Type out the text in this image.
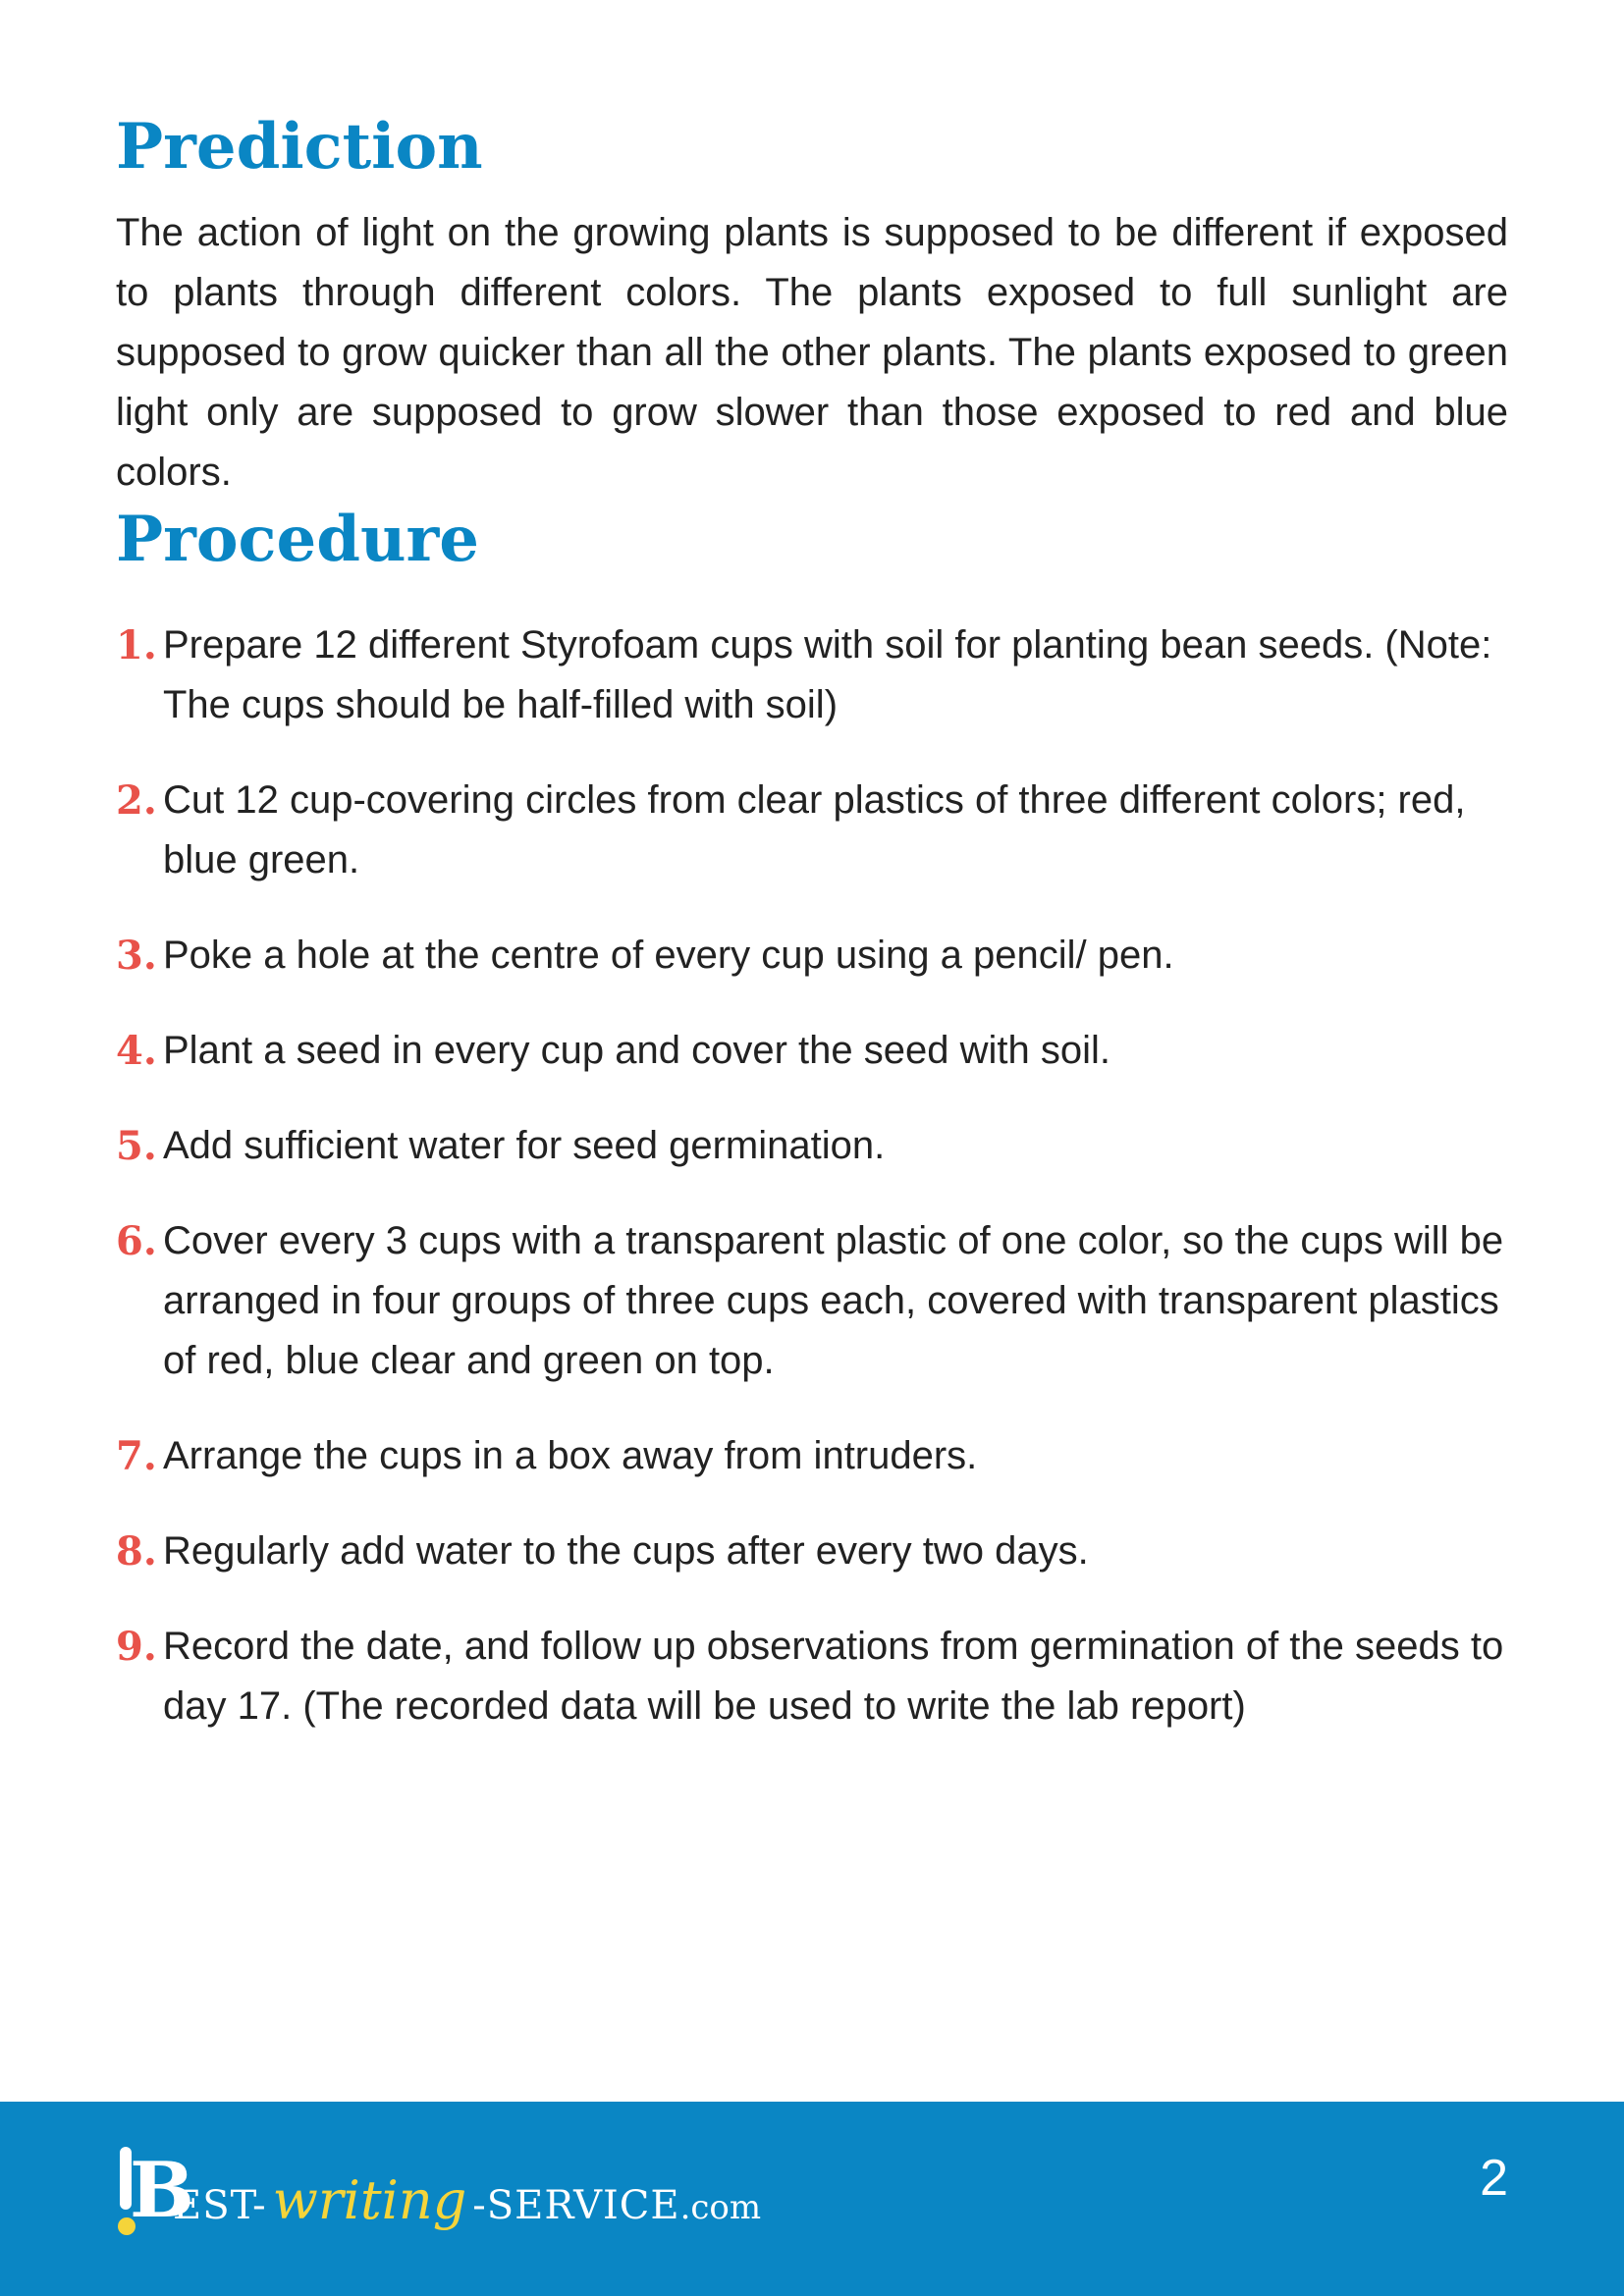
Prediction

The action of light on the growing plants is supposed to be different if exposed to plants through different colors. The plants exposed to full sunlight are supposed to grow quicker than all the other plants. The plants exposed to green light only are supposed to grow slower than those exposed to red and blue colors.

Procedure
1. Prepare 12 different Styrofoam cups with soil for planting bean seeds. (Note: The cups should be half-filled with soil)
2. Cut 12 cup-covering circles from clear plastics of three different colors; red, blue green.
3. Poke a hole at the centre of every cup using a pencil/ pen.
4. Plant a seed in every cup and cover the seed with soil.
5. Add sufficient water for seed germination.
6. Cover every 3 cups with a transparent plastic of one color, so the cups will be arranged in four groups of three cups each, covered with transparent plastics of red, blue clear and green on top.
7. Arrange the cups in a box away from intruders.
8. Regularly add water to the cups after every two days.
9. Record the date, and follow up observations from germination of the seeds to day 17. (The recorded data will be used to write the lab report)
B
EST- writing -SERVICE .com
2
